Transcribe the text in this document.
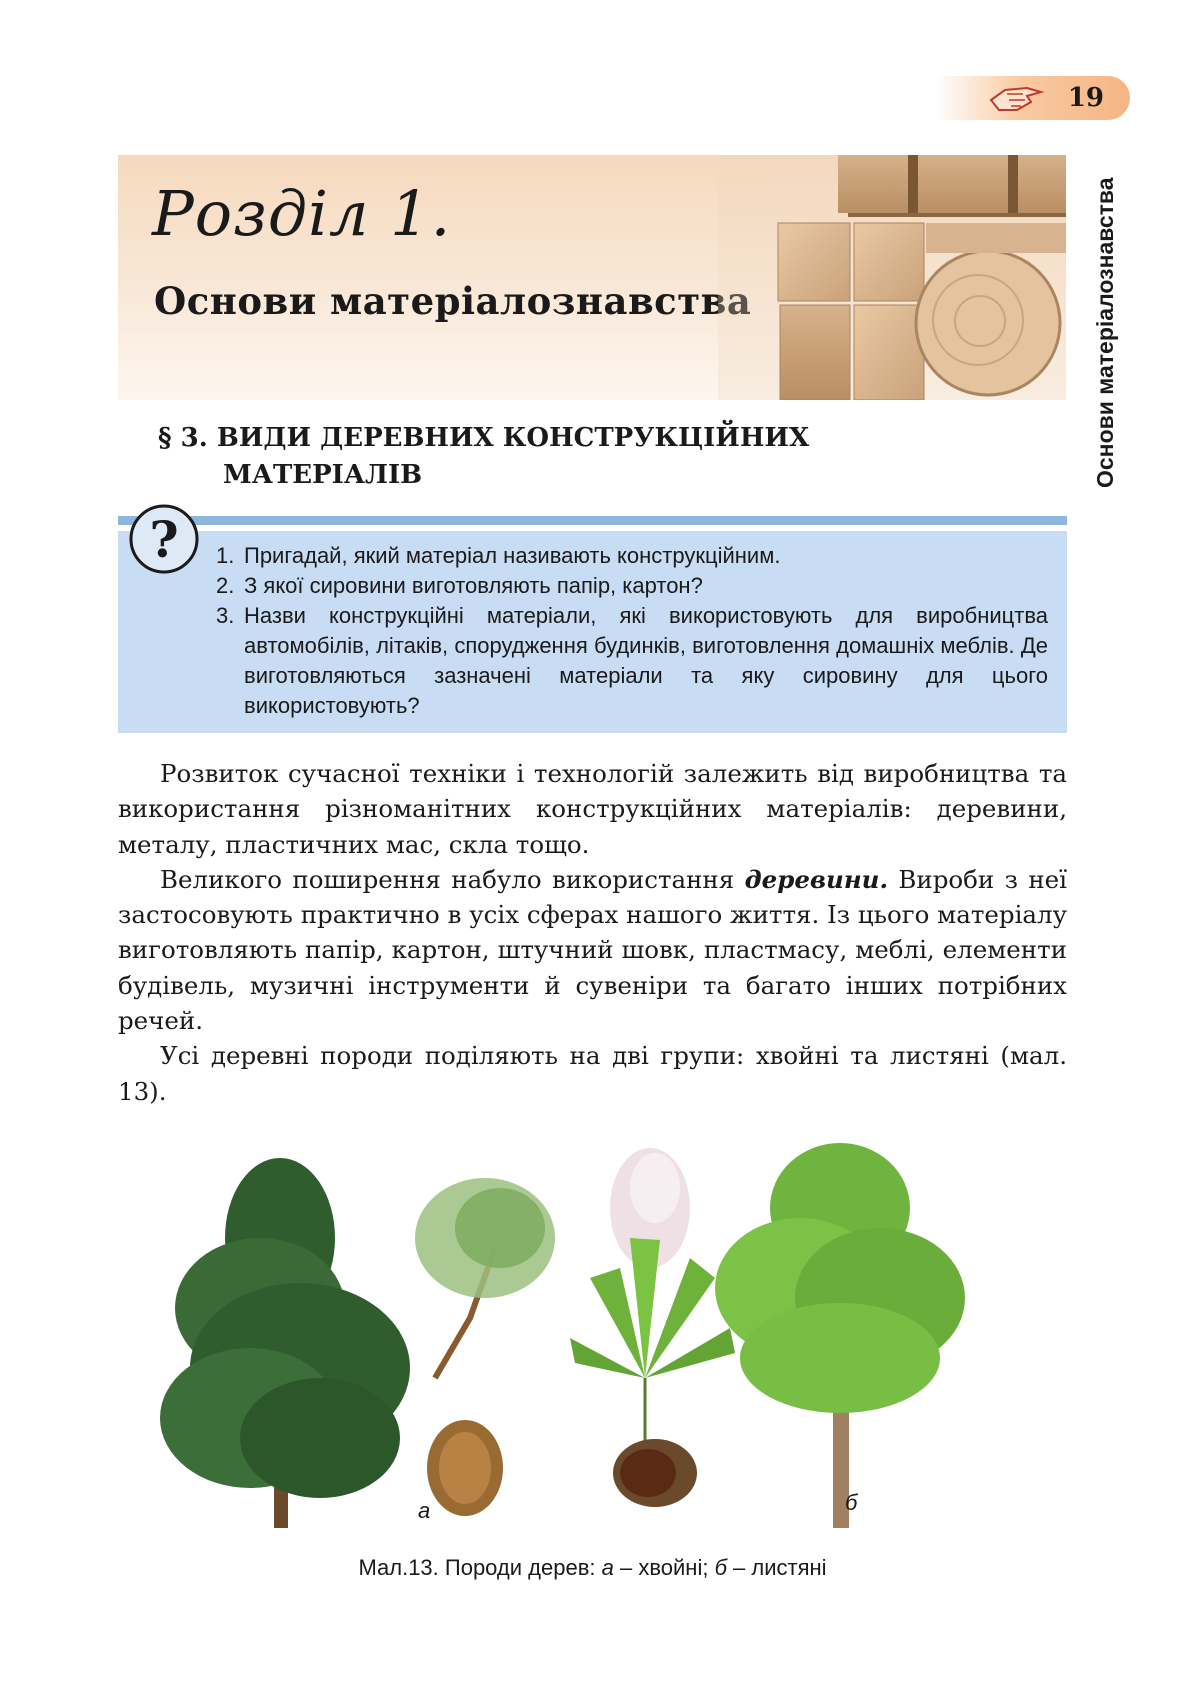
19
Основи матеріалознавства
Розділ 1.
Основи матеріалознавства
§ 3. ВИДИ ДЕРЕВНИХ КОНСТРУКЦІЙНИХ
МАТЕРІАЛІВ
? 1. Пригадай, який матеріал називають конструкційним.
2. З якої сировини виготовляють папір, картон?
3. Назви конструкційні матеріали, які використовують для виробництва автомобілів, літаків, спорудження будинків, виготовлення домашніх меблів. Де виготовляються зазначені матеріали та яку сировину для цього використовують?

Розвиток сучасної техніки і технологій залежить від виробництва та використання різноманітних конструкційних матеріалів: деревини, металу, пластичних мас, скла тощо.

Великого поширення набуло використання деревини. Вироби з неї застосовують практично в усіх сферах нашого життя. Із цього матеріалу виготовляють папір, картон, штучний шовк, пластмасу, меблі, елементи будівель, музичні інструменти й сувеніри та багато інших потрібних речей.

Усі деревні породи поділяють на дві групи: хвойні та листяні (мал. 13).

а	б
Мал.13. Породи дерев: а – хвойні; б – листяні
